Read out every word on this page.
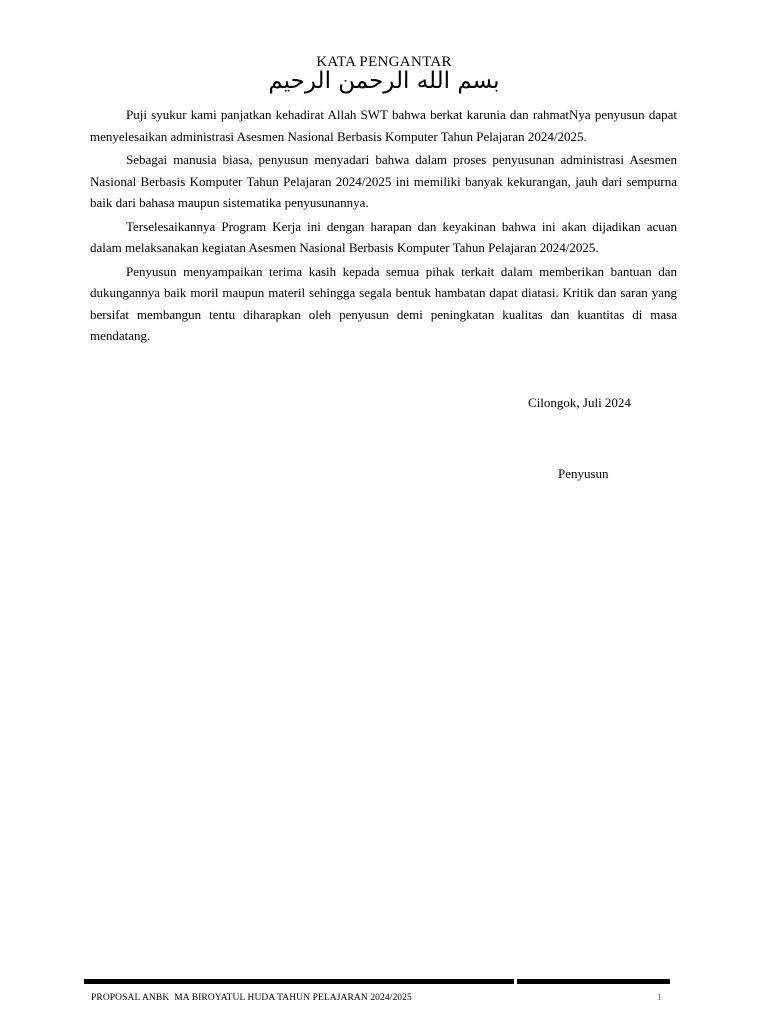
KATA PENGANTAR
بسم الله الرحمن الرحيم

Puji syukur kami panjatkan kehadirat Allah SWT bahwa berkat karunia dan rahmatNya penyusun dapat menyelesaikan administrasi Asesmen Nasional Berbasis Komputer Tahun Pelajaran 2024/2025.

Sebagai manusia biasa, penyusun menyadari bahwa dalam proses penyusunan administrasi Asesmen Nasional Berbasis Komputer Tahun Pelajaran 2024/2025 ini memiliki banyak kekurangan, jauh dari sempurna baik dari bahasa maupun sistematika penyusunannya.

Terselesaikannya Program Kerja ini dengan harapan dan keyakinan bahwa ini akan dijadikan acuan dalam melaksanakan kegiatan Asesmen Nasional Berbasis Komputer Tahun Pelajaran 2024/2025.

Penyusun menyampaikan terima kasih kepada semua pihak terkait dalam memberikan bantuan dan dukungannya baik moril maupun materil sehingga segala bentuk hambatan dapat diatasi. Kritik dan saran yang bersifat membangun tentu diharapkan oleh penyusun demi peningkatan kualitas dan kuantitas di masa mendatang.

Cilongok, Juli 2024
Penyusun
PROPOSAL ANBK  MA BIROYATUL HUDA TAHUN PELAJARAN 2024/2025	1
